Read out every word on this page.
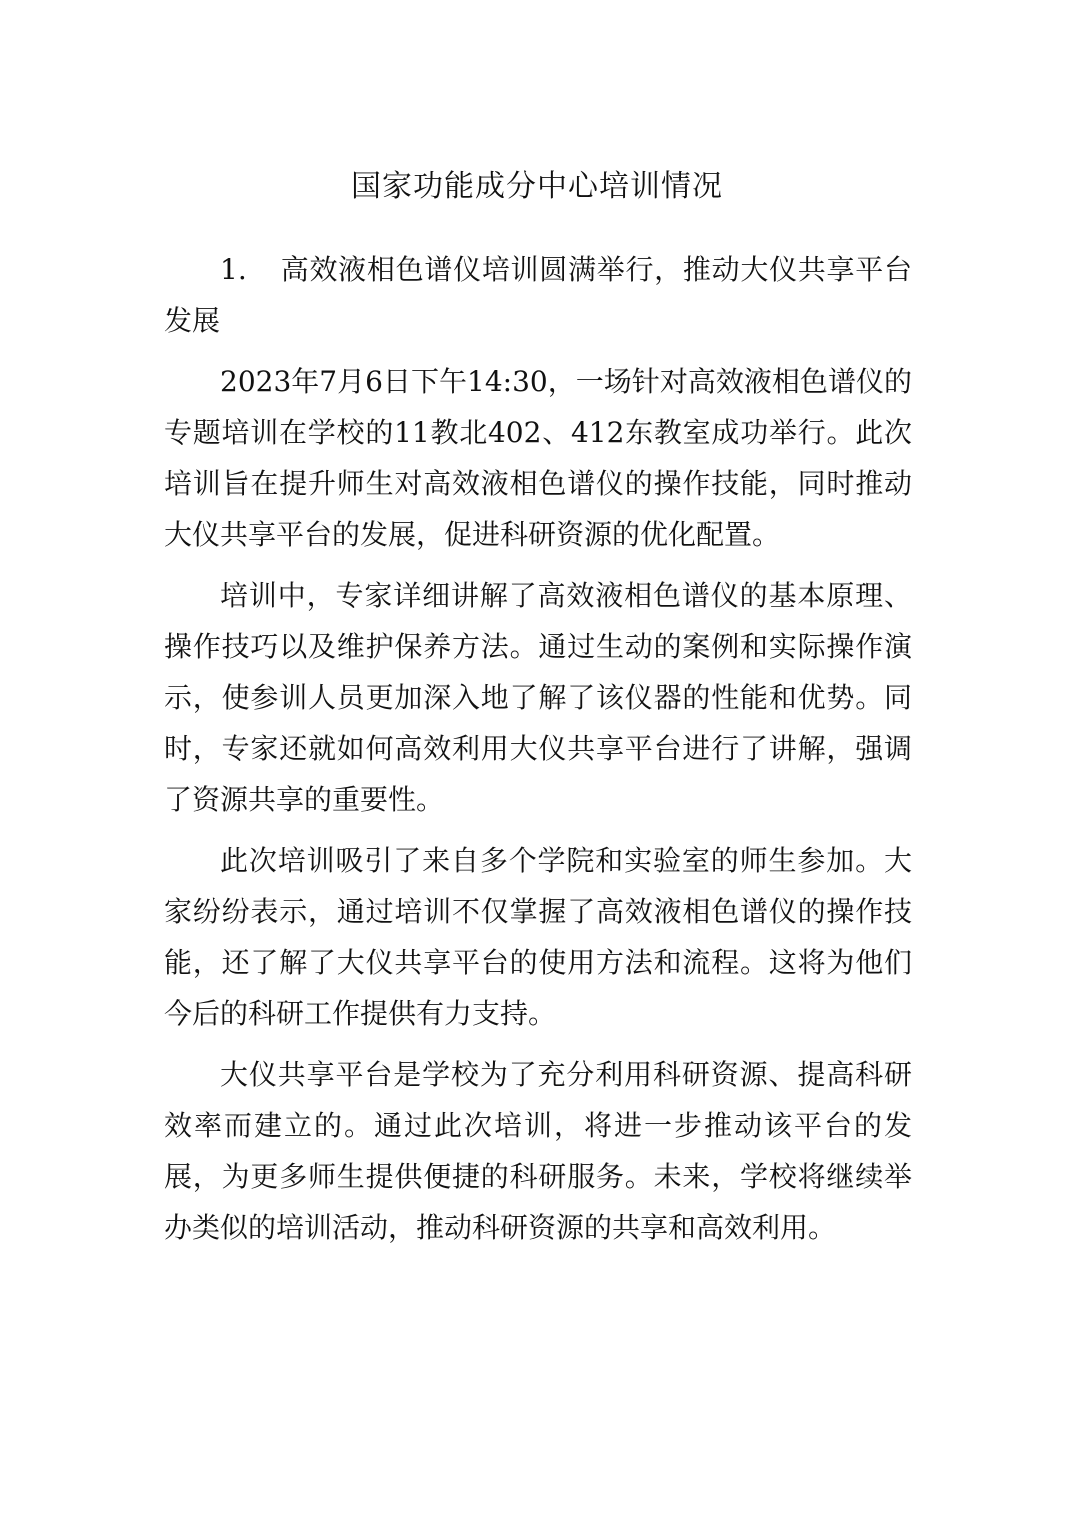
国家功能成分中心培训情况

1. 高效液相色谱仪培训圆满举行，推动大仪共享平台发展

2023年7月6日下午14:30，一场针对高效液相色谱仪的专题培训在学校的11教北402、412东教室成功举行。此次培训旨在提升师生对高效液相色谱仪的操作技能，同时推动大仪共享平台的发展，促进科研资源的优化配置。

培训中，专家详细讲解了高效液相色谱仪的基本原理、操作技巧以及维护保养方法。通过生动的案例和实际操作演示，使参训人员更加深入地了解了该仪器的性能和优势。同时，专家还就如何高效利用大仪共享平台进行了讲解，强调了资源共享的重要性。

此次培训吸引了来自多个学院和实验室的师生参加。大家纷纷表示，通过培训不仅掌握了高效液相色谱仪的操作技能，还了解了大仪共享平台的使用方法和流程。这将为他们今后的科研工作提供有力支持。

大仪共享平台是学校为了充分利用科研资源、提高科研效率而建立的。通过此次培训，将进一步推动该平台的发展，为更多师生提供便捷的科研服务。未来，学校将继续举办类似的培训活动，推动科研资源的共享和高效利用。
